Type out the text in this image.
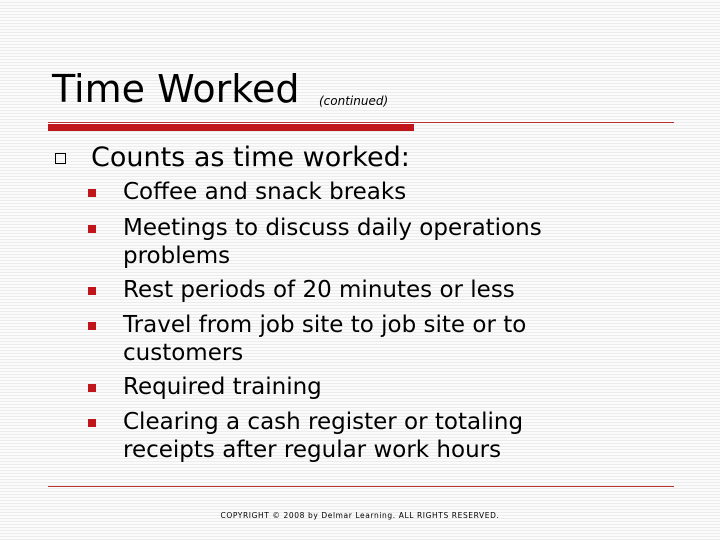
Time Worked (continued)
Counts as time worked:
Coffee and snack breaks
Meetings to discuss daily operations problems
Rest periods of 20 minutes or less
Travel from job site to job site or to customers
Required training
Clearing a cash register or totaling receipts after regular work hours
COPYRIGHT © 2008 by Delmar Learning. ALL RIGHTS RESERVED.
